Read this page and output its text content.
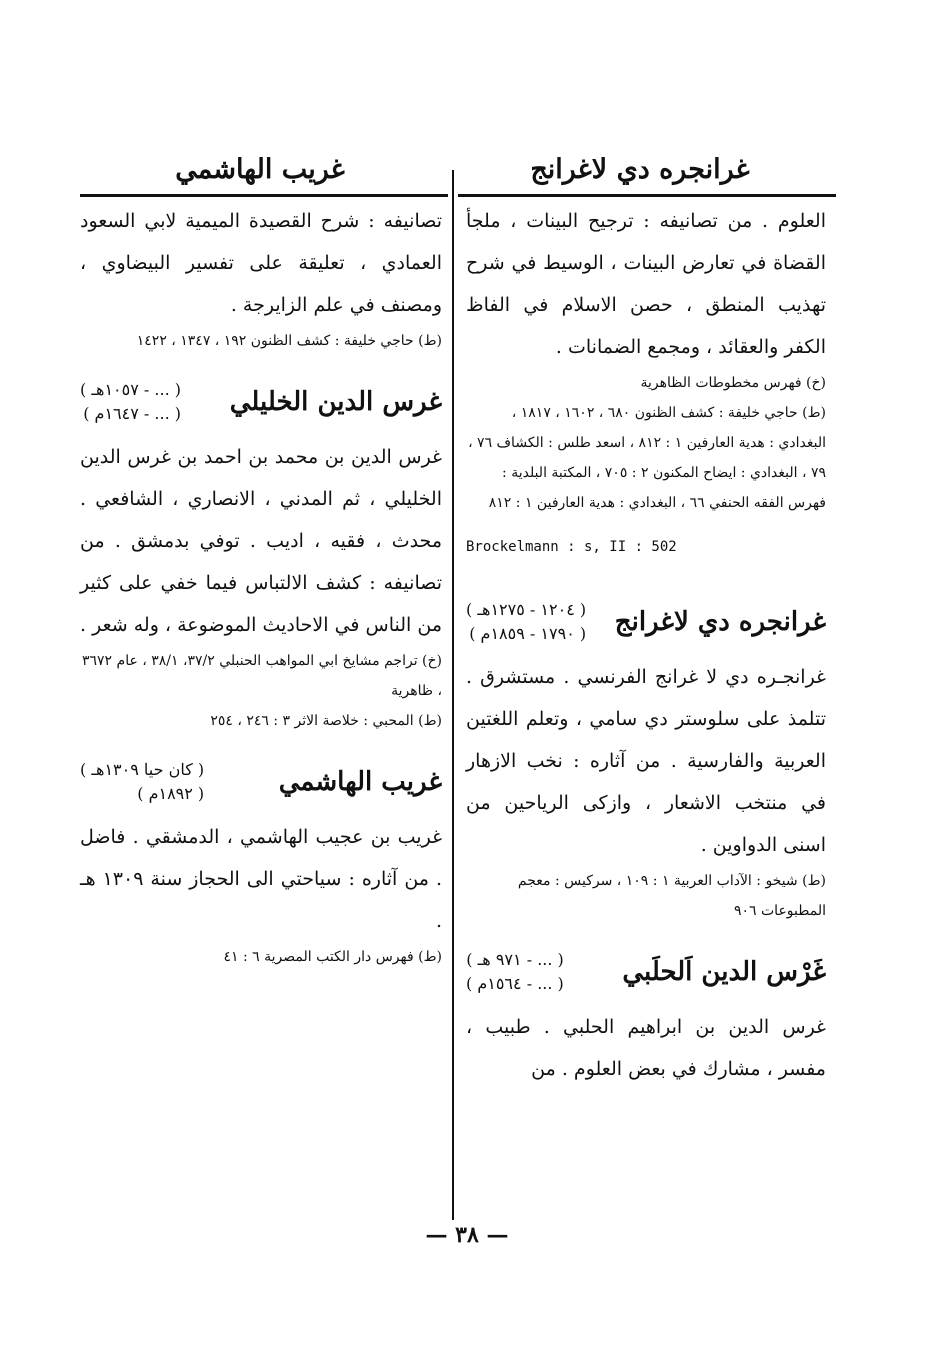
غرانجره دي لاغرانج
غريب الهاشمي

العلوم . من تصانيفه : ترجيح البينات ، ملجأ القضاة في تعارض البينات ، الوسيط في شرح تهذيب المنطق ، حصن الاسلام في الفاظ الكفر والعقائد ، ومجمع الضمانات .

(خ) فهرس مخطوطات الظاهرية

(ط) حاجي خليفة : كشف الظنون ٦٨٠ ، ١٦٠٢ ، ١٨١٧ ، البغدادي : هدية العارفين ١ : ٨١٢ ، اسعد طلس : الكشاف ٧٦ ، ٧٩ ، البغدادي : ايضاح المكنون ٢ : ٧٠٥ ، المكتبة البلدية : فهرس الفقه الحنفي ٦٦ ، البغدادي : هدية العارفين ١ : ٨١٢

Brockelmann : s, II : 502

غرانجره دي لاغرانج
( ١٢٠٤ - ١٢٧٥هـ )
( ١٧٩٠ - ١٨٥٩م )

غرانجـره دي لا غرانج الفرنسي . مستشرق . تتلمذ على سلوستر دي سامي ، وتعلم اللغتين العربية والفارسية . من آثاره : نخب الازهار في منتخب الاشعار ، وازكى الرياحين من اسنى الدواوين .

(ط) شيخو : الآداب العربية ١ : ١٠٩ ، سركيس : معجم المطبوعات ٩٠٦

غَرْس الدين اَلحلَبي
( ... - ٩٧١ هـ )
( ... - ١٥٦٤م )

غرس الدين بن ابراهيم الحلبي . طبيب ، مفسر ، مشارك في بعض العلوم . من

تصانيفه : شرح القصيدة الميمية لابي السعود العمادي ، تعليقة على تفسير البيضاوي ، ومصنف في علم الزايرجة .

(ط) حاجي خليفة : كشف الظنون ١٩٢ ، ١٣٤٧ ، ١٤٢٢

غرس الدين الخليلي
( ... - ١٠٥٧هـ )
( ... - ١٦٤٧م )

غرس الدين بن محمد بن احمد بن غرس الدين الخليلي ، ثم المدني ، الانصاري ، الشافعي . محدث ، فقيه ، اديب . توفي بدمشق . من تصانيفه : كشف الالتباس فيما خفي على كثير من الناس في الاحاديث الموضوعة ، وله شعر .

(خ) تراجم مشايخ ابي المواهب الحنبلي ٣٧/٢، ٣٨/١ ، عام ٣٦٧٢ ، ظاهرية

(ط) المحبي : خلاصة الاثر ٣ : ٢٤٦ ، ٢٥٤

غريب الهاشمي
( كان حيا ١٣٠٩هـ )
( ١٨٩٢م )

غريب بن عجيب الهاشمي ، الدمشقي . فاضل . من آثاره : سياحتي الى الحجاز سنة ١٣٠٩ هـ .

(ط) فهرس دار الكتب المصرية ٦ : ٤١

— ٣٨ —
